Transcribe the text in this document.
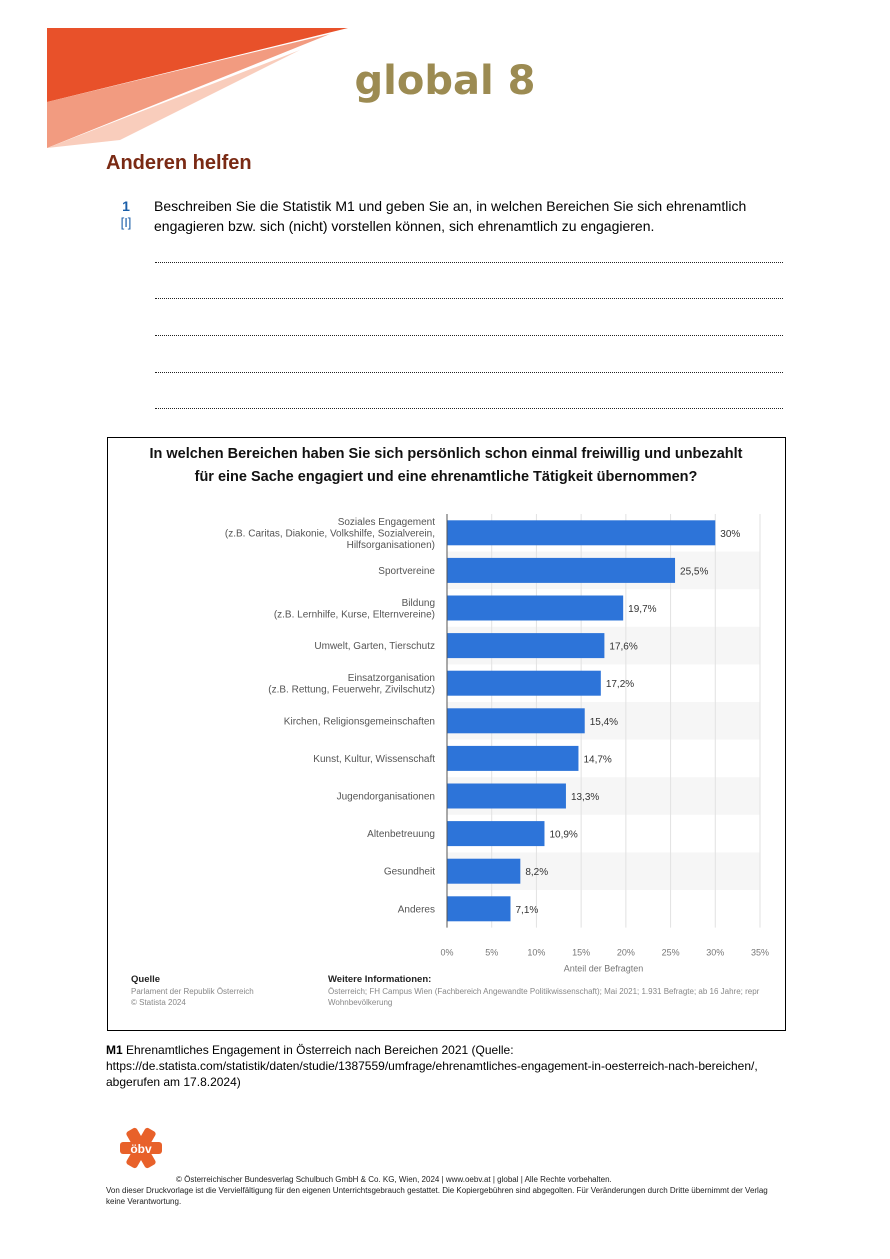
global 8
Anderen helfen
1
[I]
Beschreiben Sie die Statistik M1 und geben Sie an, in welchen Bereichen Sie sich ehrenamtlich engagieren bzw. sich (nicht) vorstellen können, sich ehrenamtlich zu engagieren.
In welchen Bereichen haben Sie sich persönlich schon einmal freiwillig und unbezahlt
für eine Sache engagiert und eine ehrenamtliche Tätigkeit übernommen?
30%
Soziales Engagement
(z.B. Caritas, Diakonie, Volkshilfe, Sozialverein,
Hilfsorganisationen)
25,5%
Sportvereine
19,7%
Bildung
(z.B. Lernhilfe, Kurse, Elternvereine)
17,6%
Umwelt, Garten, Tierschutz
17,2%
Einsatzorganisation
(z.B. Rettung, Feuerwehr, Zivilschutz)
15,4%
Kirchen, Religionsgemeinschaften
14,7%
Kunst, Kultur, Wissenschaft
13,3%
Jugendorganisationen
10,9%
Altenbetreuung
8,2%
Gesundheit
7,1%
Anderes
0%	5%	10%	15%	20%	25%	30%	35%
Anteil der Befragten
Quelle
Parlament der Republik Österreich
© Statista 2024
Weitere Informationen:
Österreich; FH Campus Wien (Fachbereich Angewandte Politikwissenschaft); Mai 2021; 1.931 Befragte; ab 16 Jahre; repr
Wohnbevölkerung
M1 Ehrenamtliches Engagement in Österreich nach Bereichen 2021 (Quelle: https://de.statista.com/statistik/daten/studie/1387559/umfrage/ehrenamtliches-engagement-in-oesterreich-nach-bereichen/, abgerufen am 17.8.2024)
öbv
© Österreichischer Bundesverlag Schulbuch GmbH & Co. KG, Wien, 2024 | www.oebv.at | global | Alle Rechte vorbehalten.
Von dieser Druckvorlage ist die Vervielfältigung für den eigenen Unterrichtsgebrauch gestattet. Die Kopiergebühren sind abgegolten. Für Veränderungen durch Dritte übernimmt der Verlag keine Verantwortung.
